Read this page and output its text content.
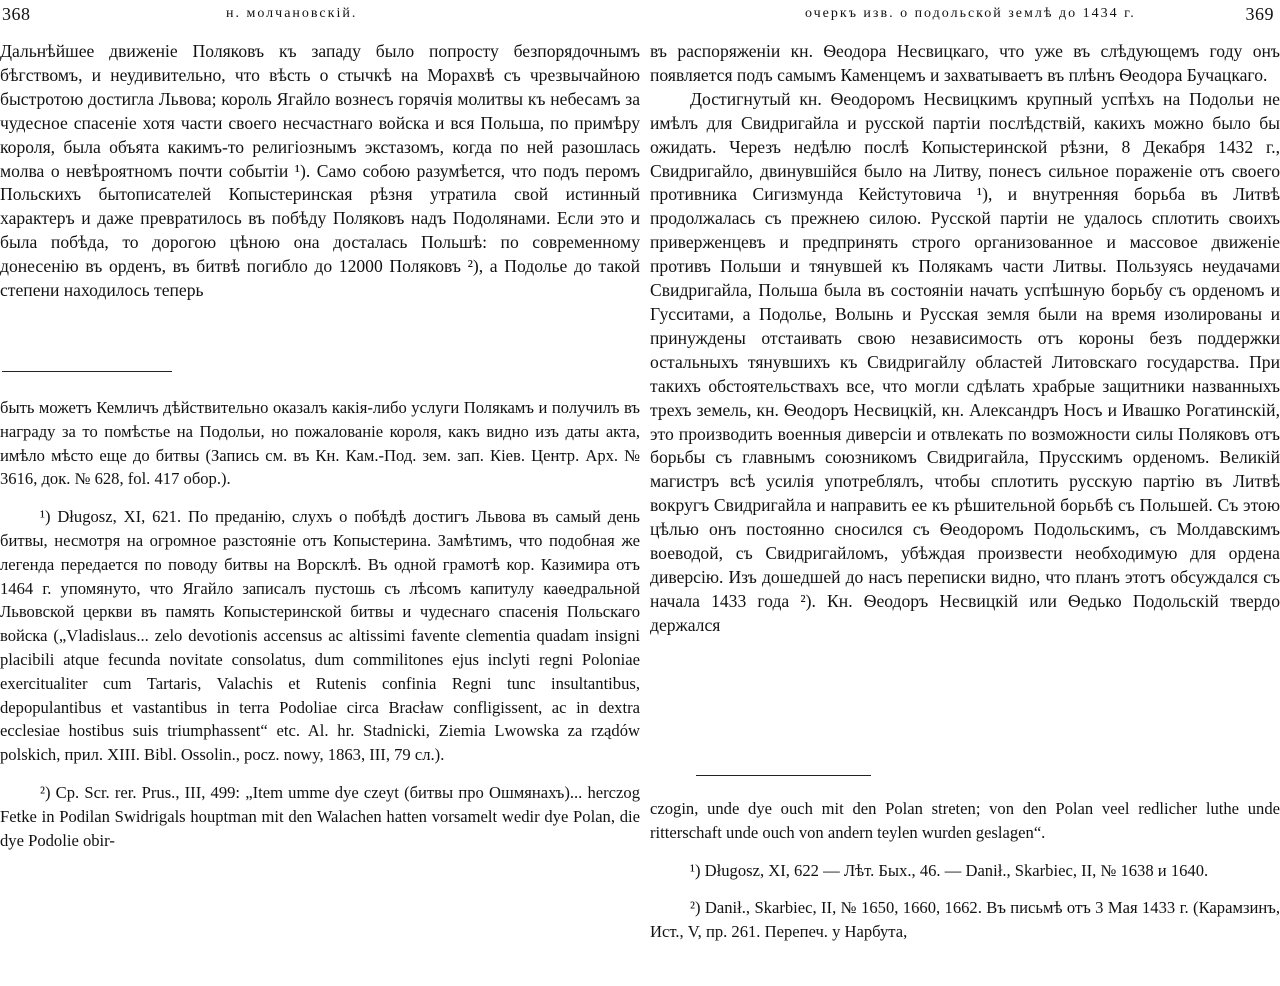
368	н. молчановскій.

Дальнѣйшее движеніе Поляковъ къ западу было попросту безпорядочнымъ бѣгствомъ, и неудивительно, что вѣсть о стычкѣ на Морахвѣ съ чрезвычайною быстротою достигла Львова; король Ягайло вознесъ горячія молитвы къ небесамъ за чудесное спасеніе хотя части своего несчастнаго войска и вся Польша, по примѣру короля, была объята какимъ-то религіознымъ экстазомъ, когда по ней разошлась молва о невѣроятномъ почти событіи ¹). Само собою разумѣется, что подъ перомъ Польскихъ бытописателей Копыстеринская рѣзня утратила свой истинный характеръ и даже превратилось въ побѣду Поляковъ надъ Подолянами. Если это и была побѣда, то дорогою цѣною она досталась Польшѣ: по современному донесенію въ орденъ, въ битвѣ погибло до 12000 Поляковъ ²), а Подолье до такой степени находилось теперь

быть можетъ Кемличъ дѣйствительно оказалъ какія-либо услуги Полякамъ и получилъ въ награду за то помѣстье на Подольи, но пожалованіе короля, какъ видно изъ даты акта, имѣло мѣсто еще до битвы (Запись см. въ Кн. Кам.-Под. зем. зап. Кіев. Центр. Арх. № 3616, док. № 628, fol. 417 обор.).

¹) Długosz, XI, 621. По преданію, слухъ о побѣдѣ достигъ Львова въ самый день битвы, несмотря на огромное разстояніе отъ Копыстерина. Замѣтимъ, что подобная же легенда передается по поводу битвы на Ворсклѣ. Въ одной грамотѣ кор. Казимира отъ 1464 г. упомянуто, что Ягайло записалъ пустошь съ лѣсомъ капитулу каѳедральной Львовской церкви въ память Копыстеринской битвы и чудеснаго спасенія Польскаго войска („Vladislaus... zelo devotionis accensus ac altissimi favente clementia quadam insigni placibili atque fecunda novitate consolatus, dum commilitones ejus inclyti regni Poloniae exercitualiter cum Tartaris, Valachis et Rutenis confinia Regni tunc insultantibus, depopulantibus et vastantibus in terra Podoliae circa Bracław confligissent, ac in dextra ecclesiae hostibus suis triumphassent“ etc. Al. hr. Stadnicki, Ziemia Lwowska za rządów polskich, прил. XIII. Bibl. Ossolin., pocz. nowy, 1863, III, 79 сл.).

²) Ср. Scr. rer. Prus., III, 499: „Item umme dye czeyt (битвы про Ошмянахъ)... herczog Fetke in Podilan Swidrigals houptman mit den Walachen hatten vorsamelt wedir dye Polan, die dye Podolie obir-

очеркъ изв. о подольской землѣ до 1434 г.	369

въ распоряженіи кн. Ѳеодора Несвицкаго, что уже въ слѣдующемъ году онъ появляется подъ самымъ Каменцемъ и захватываетъ въ плѣнъ Ѳеодора Бучацкаго.

Достигнутый кн. Ѳеодоромъ Несвицкимъ крупный успѣхъ на Подольи не имѣлъ для Свидригайла и русской партіи послѣдствій, какихъ можно было бы ожидать. Черезъ недѣлю послѣ Копыстеринской рѣзни, 8 Декабря 1432 г., Свидригайло, двинувшійся было на Литву, понесъ сильное пораженіе отъ своего противника Сигизмунда Кейстутовича ¹), и внутренняя борьба въ Литвѣ продолжалась съ прежнею силою. Русской партіи не удалось сплотить своихъ приверженцевъ и предпринять строго организованное и массовое движеніе противъ Польши и тянувшей къ Полякамъ части Литвы. Пользуясь неудачами Свидригайла, Польша была въ состояніи начать успѣшную борьбу съ орденомъ и Гусситами, а Подолье, Волынь и Русская земля были на время изолированы и принуждены отстаивать свою независимость отъ короны безъ поддержки остальныхъ тянувшихъ къ Свидригайлу областей Литовскаго государства. При такихъ обстоятельствахъ все, что могли сдѣлать храбрые защитники названныхъ трехъ земель, кн. Ѳеодоръ Несвицкій, кн. Александръ Носъ и Ивашко Рогатинскій, это производить военныя диверсіи и отвлекать по возможности силы Поляковъ отъ борьбы съ главнымъ союзникомъ Свидригайла, Прусскимъ орденомъ. Великій магистръ всѣ усилія употреблялъ, чтобы сплотить русскую партію въ Литвѣ вокругъ Свидригайла и направить ее къ рѣшительной борьбѣ съ Польшей. Съ этою цѣлью онъ постоянно сносился съ Ѳеодоромъ Подольскимъ, съ Молдавскимъ воеводой, съ Свидригайломъ, убѣждая произвести необходимую для ордена диверсію. Изъ дошедшей до насъ переписки видно, что планъ этотъ обсуждался съ начала 1433 года ²). Кн. Ѳеодоръ Несвицкій или Ѳедько Подольскій твердо держался

czogin, unde dye ouch mit den Polan streten; von den Polan veel redlicher luthe unde ritterschaft unde ouch von andern teylen wurden geslagen“.

¹) Długosz, XI, 622 — Лѣт. Бых., 46. — Danił., Skarbiec, II, № 1638 и 1640.

²) Danił., Skarbiec, II, № 1650, 1660, 1662. Въ письмѣ отъ 3 Мая 1433 г. (Карамзинъ, Ист., V, пр. 261. Перепеч. у Нарбута,
